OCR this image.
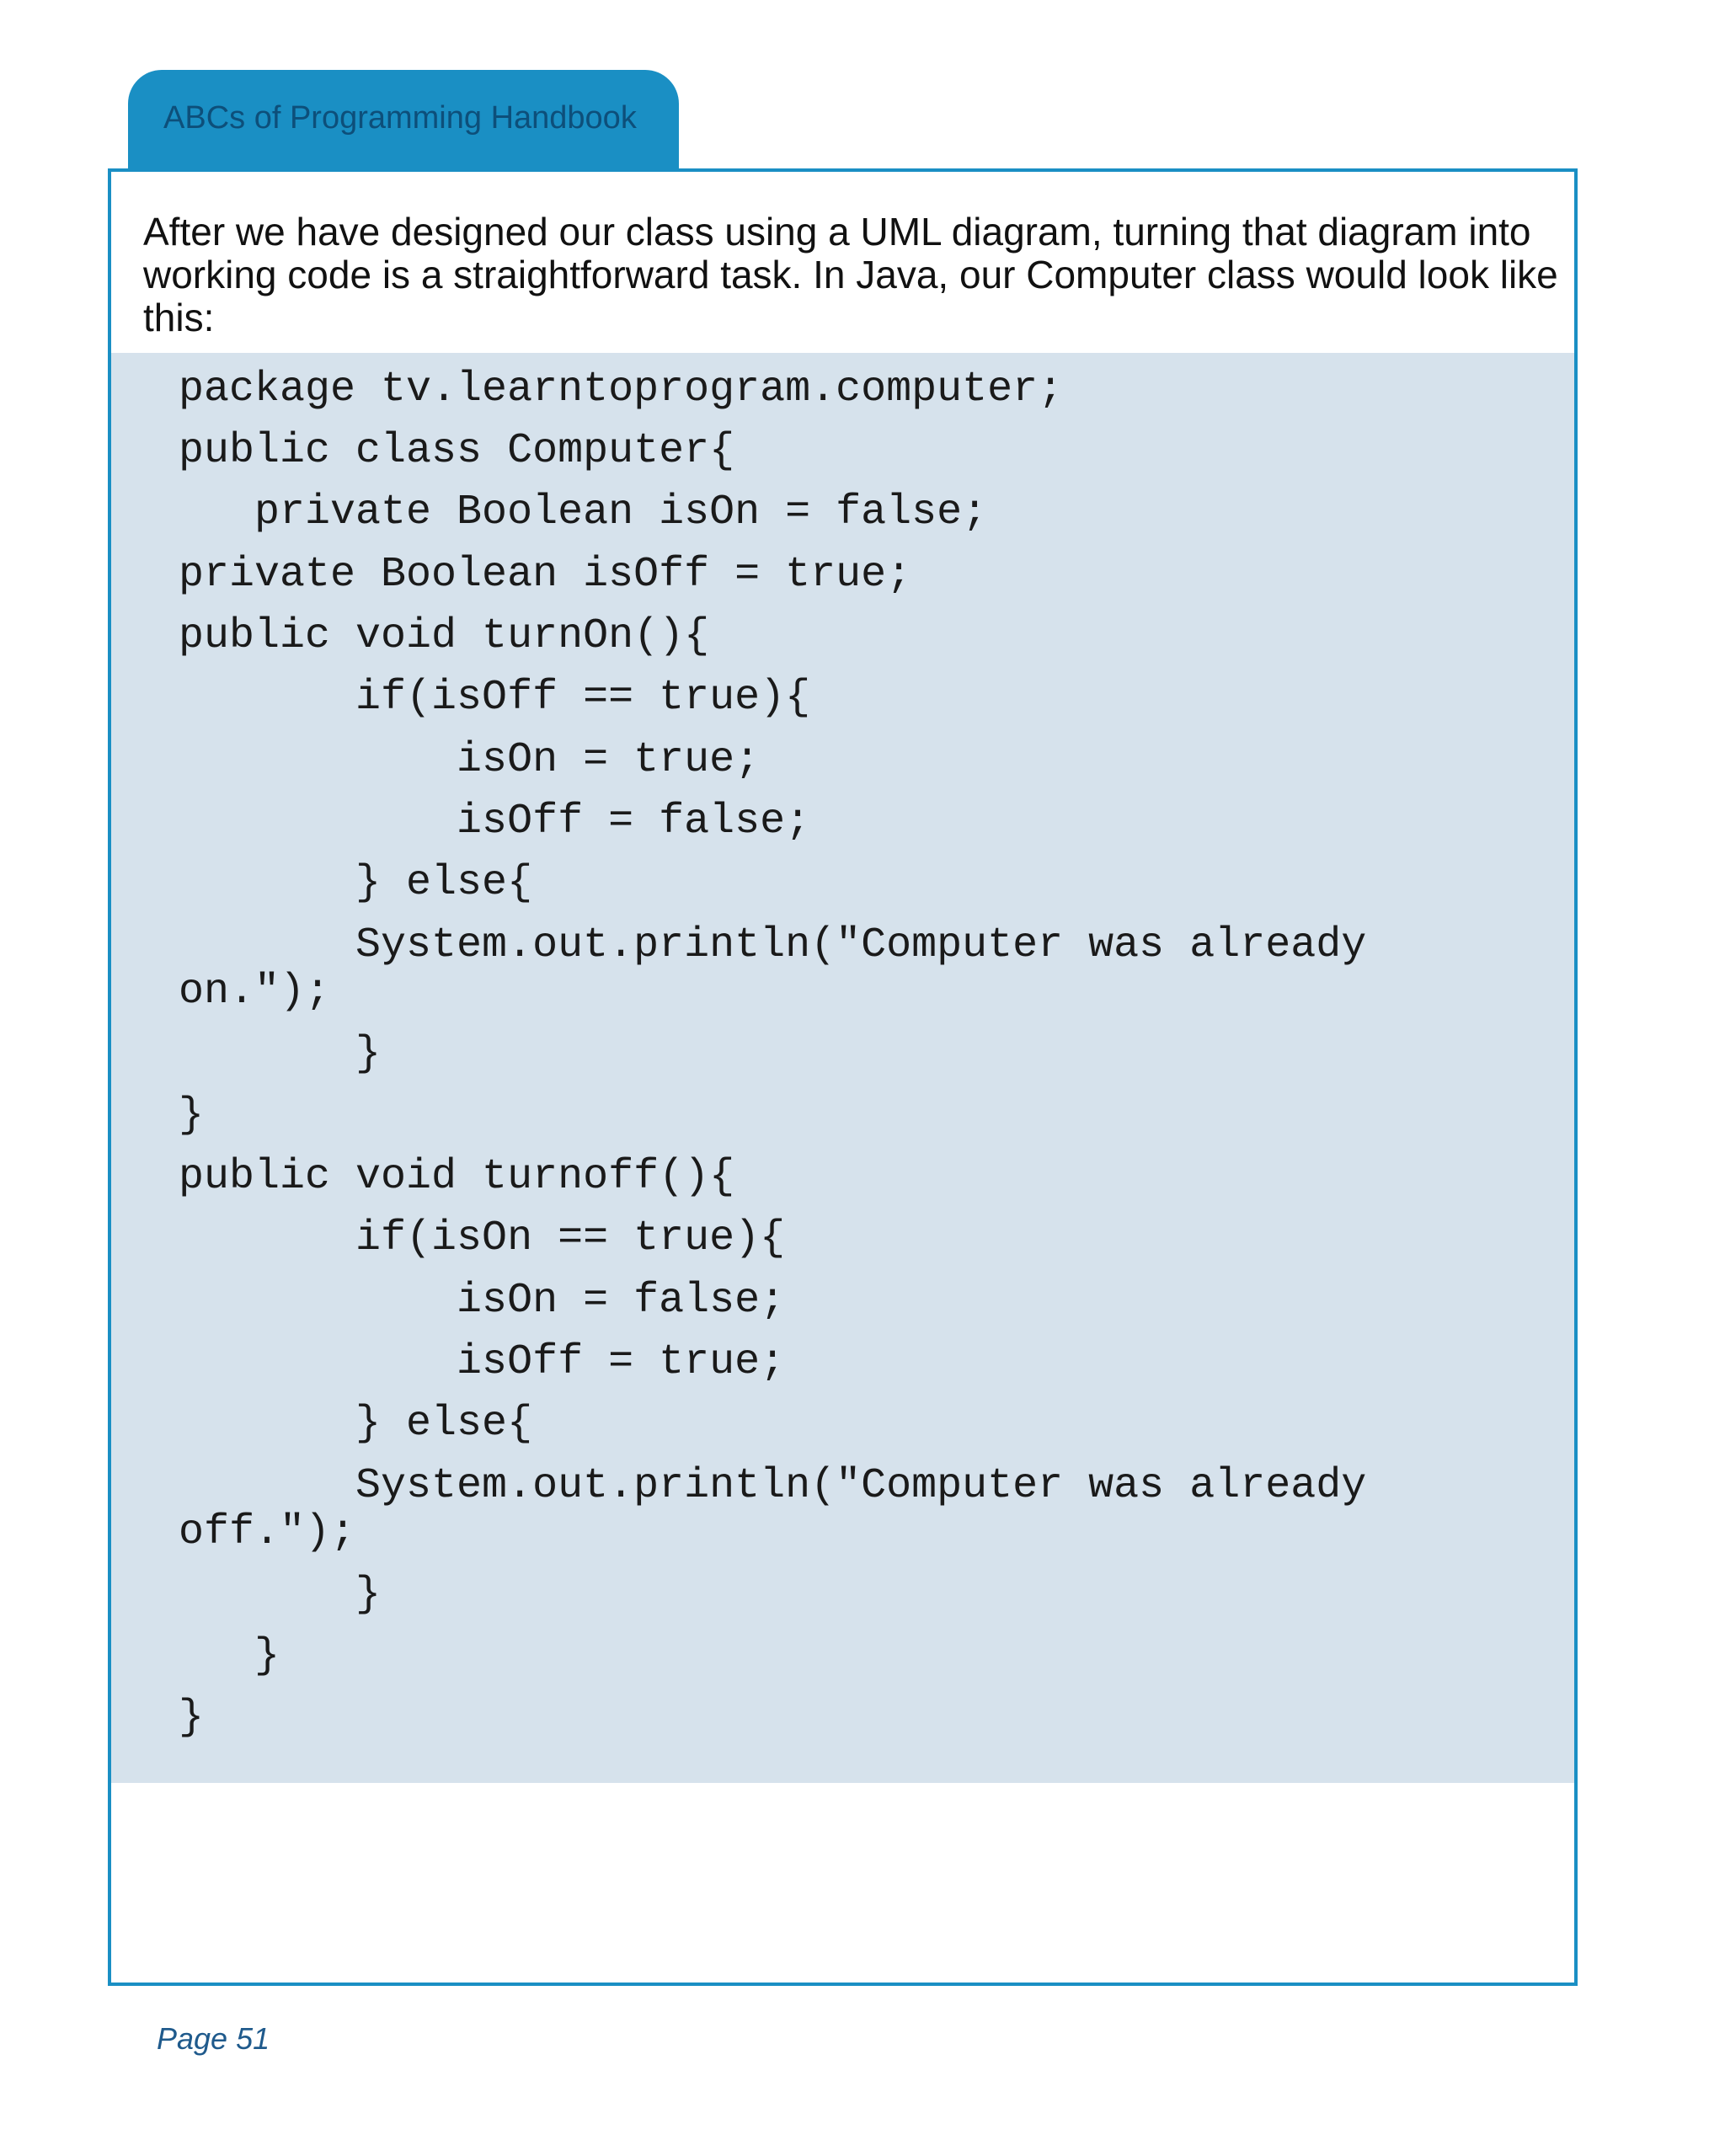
ABCs of Programming Handbook
After we have designed our class using a UML diagram, turning that diagram into working code is a straightforward task. In Java, our Computer class would look like this:
package tv.learntoprogram.computer;
public class Computer{
private Boolean isOn = false;
private Boolean isOff = true;
public void turnOn(){
if(isOff == true){
isOn = true;
isOff = false;
} else{
System.out.println("Computer was already
on.");
}
}
public void turnoff(){
if(isOn == true){
isOn = false;
isOff = true;
} else{
System.out.println("Computer was already
off.");
}
}
}
Page 51
